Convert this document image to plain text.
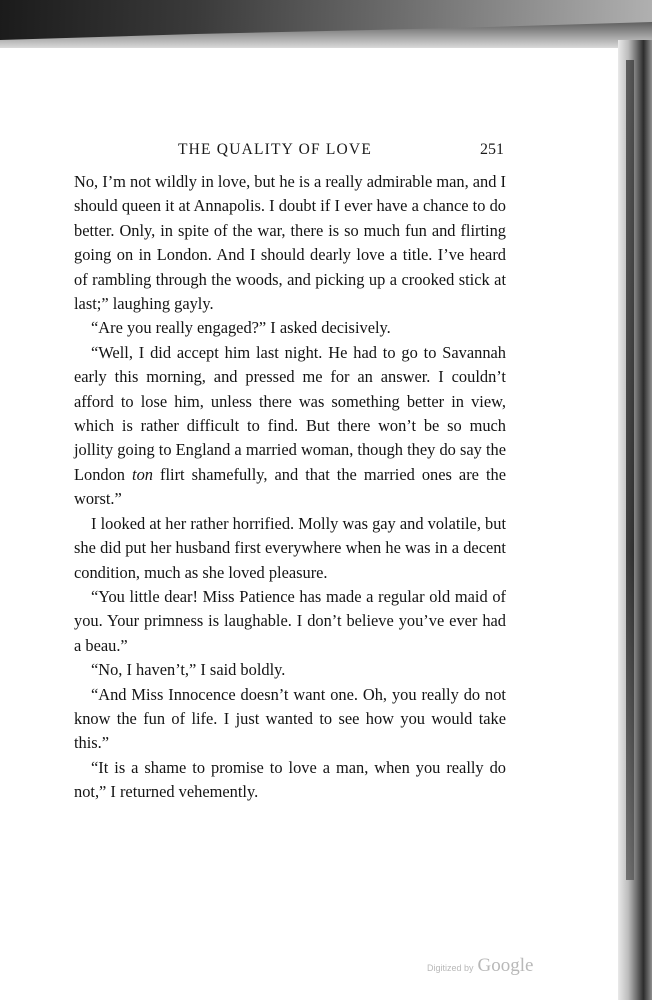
THE QUALITY OF LOVE	251

No, I’m not wildly in love, but he is a really admirable man, and I should queen it at Annapolis. I doubt if I ever have a chance to do better. Only, in spite of the war, there is so much fun and flirting going on in London. And I should dearly love a title. I’ve heard of rambling through the woods, and picking up a crooked stick at last;” laughing gayly.

“Are you really engaged?” I asked decisively.

“Well, I did accept him last night. He had to go to Savannah early this morning, and pressed me for an answer. I couldn’t afford to lose him, unless there was something better in view, which is rather difficult to find. But there won’t be so much jollity going to England a married woman, though they do say the London ton flirt shamefully, and that the married ones are the worst.”

I looked at her rather horrified. Molly was gay and volatile, but she did put her husband first everywhere when he was in a decent condition, much as she loved pleasure.

“You little dear! Miss Patience has made a regular old maid of you. Your primness is laughable. I don’t believe you’ve ever had a beau.”

“No, I haven’t,” I said boldly.

“And Miss Innocence doesn’t want one. Oh, you really do not know the fun of life. I just wanted to see how you would take this.”

“It is a shame to promise to love a man, when you really do not,” I returned vehemently.

Digitized by Google
